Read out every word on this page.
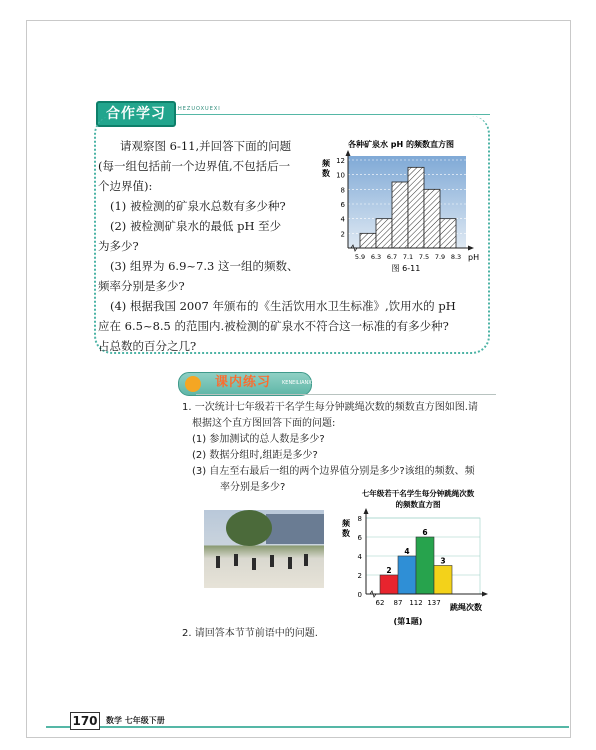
合作学习	HEZUOXUEXI
请观察图 6-11,并回答下面的问题
(每一组包括前一个边界值,不包括后一
个边界值):
(1) 被检测的矿泉水总数有多少种?
(2) 被检测矿泉水的最低 pH 至少
为多少?
(3) 组界为 6.9~7.3 这一组的频数、
频率分别是多少?
(4) 根据我国 2007 年颁布的《生活饮用水卫生标准》,饮用水的 pH
应在 6.5~8.5 的范围内.被检测的矿泉水不符合这一标准的有多少种?
占总数的百分之几?
各种矿泉水 pH 的频数直方图
频
数
2
4
6
8
10
12
5.9 6.3 6.7 7.1 7.5 7.9 8.3 pH
图 6-11
课内练习 KENEILIANXI
1. 一次统计七年级若干名学生每分钟跳绳次数的频数直方图如图.请
根据这个直方图回答下面的问题:
(1) 参加测试的总人数是多少?
(2) 数据分组时,组距是多少?
(3) 自左至右最后一组的两个边界值分别是多少?该组的频数、频
率分别是多少?
七年级若干名学生每分钟跳绳次数
的频数直方图
频
数
2
4
6
3
2
4
6
8
0
62 87 112 137 跳绳次数
(第1题)
2. 请回答本节节前语中的问题.
170	数学 七年级下册
